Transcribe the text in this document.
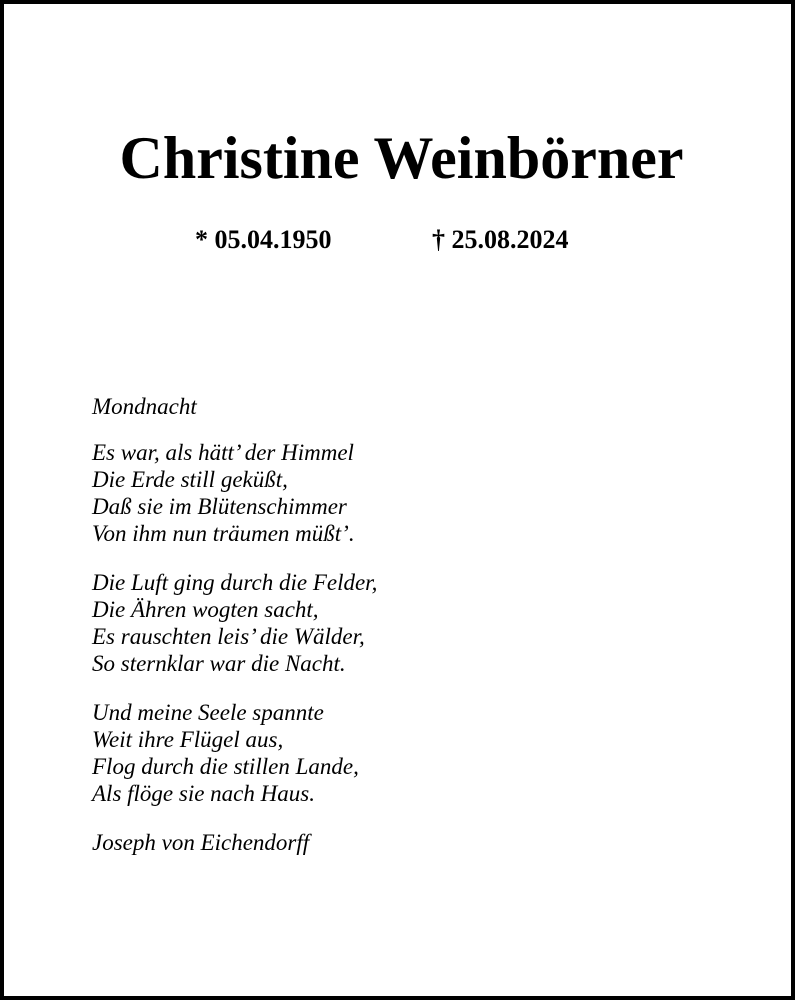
Christine Weinbörner
* 05.04.1950	† 25.08.2024
Mondnacht
Es war, als hätt’ der Himmel
Die Erde still geküßt,
Daß sie im Blütenschimmer
Von ihm nun träumen müßt’.
Die Luft ging durch die Felder,
Die Ähren wogten sacht,
Es rauschten leis’ die Wälder,
So sternklar war die Nacht.
Und meine Seele spannte
Weit ihre Flügel aus,
Flog durch die stillen Lande,
Als flöge sie nach Haus.
Joseph von Eichendorff
